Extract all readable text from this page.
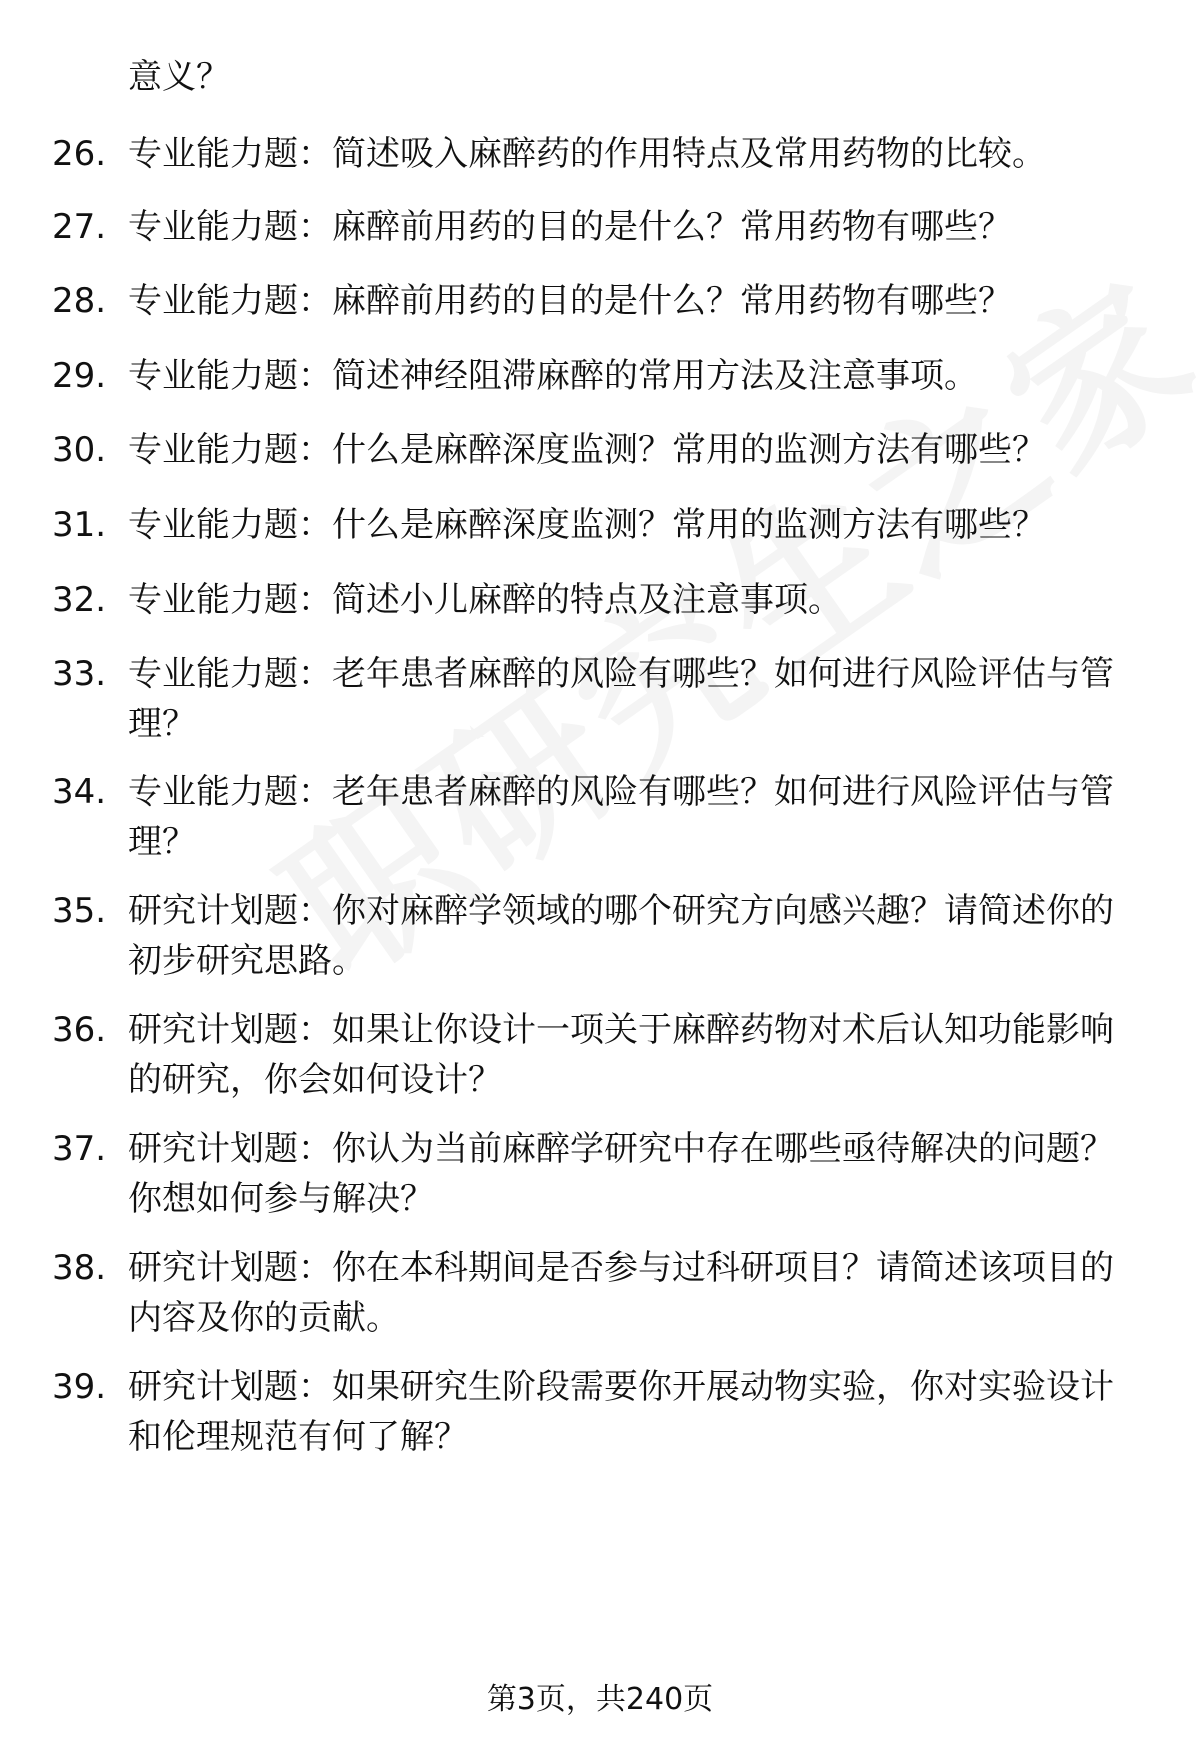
意义？
26. 专业能力题：简述吸入麻醉药的作用特点及常用药物的比较。
27. 专业能力题：麻醉前用药的目的是什么？常用药物有哪些？
28. 专业能力题：麻醉前用药的目的是什么？常用药物有哪些？
29. 专业能力题：简述神经阻滞麻醉的常用方法及注意事项。
30. 专业能力题：什么是麻醉深度监测？常用的监测方法有哪些？
31. 专业能力题：什么是麻醉深度监测？常用的监测方法有哪些？
32. 专业能力题：简述小儿麻醉的特点及注意事项。
33. 专业能力题：老年患者麻醉的风险有哪些？如何进行风险评估与管理？
34. 专业能力题：老年患者麻醉的风险有哪些？如何进行风险评估与管理？
35. 研究计划题：你对麻醉学领域的哪个研究方向感兴趣？请简述你的初步研究思路。
36. 研究计划题：如果让你设计一项关于麻醉药物对术后认知功能影响的研究，你会如何设计？
37. 研究计划题：你认为当前麻醉学研究中存在哪些亟待解决的问题？你想如何参与解决？
38. 研究计划题：你在本科期间是否参与过科研项目？请简述该项目的内容及你的贡献。
39. 研究计划题：如果研究生阶段需要你开展动物实验，你对实验设计和伦理规范有何了解？
第3页，共240页
